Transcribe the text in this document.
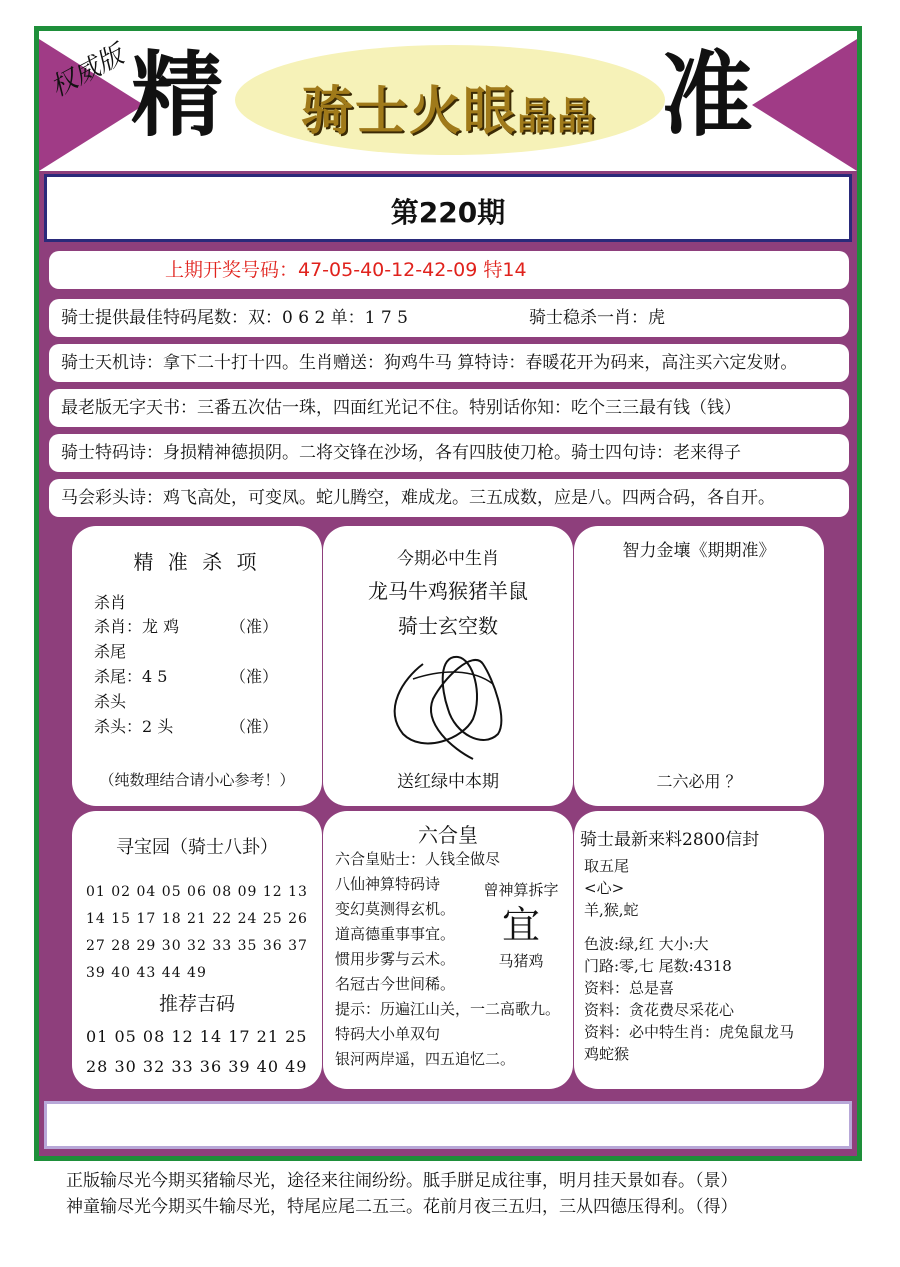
权威版 精	准
骑士火眼晶晶
第220期
上期开奖号码：47-05-40-12-42-09 特14
骑士提供最佳特码尾数：双：0 6 2 单：1 7 5	骑士稳杀一肖：虎
骑士天机诗：拿下二十打十四。生肖赠送：狗鸡牛马 算特诗：春暖花开为码来，高注买六定发财。
最老版无字天书：三番五次估一珠，四面红光记不住。特别话你知：吃个三三最有钱（钱）
骑士特码诗：身损精神德损阴。二将交锋在沙场，各有四肢使刀枪。骑士四句诗：老来得子
马会彩头诗：鸡飞高处，可变凤。蛇儿腾空，难成龙。三五成数，应是八。四两合码，各自开。
精 准 杀 项
杀肖
杀肖：龙 鸡	（准）
杀尾
杀尾：4 5	（准）
杀头
杀头：2 头	（准）
（纯数理结合请小心参考！）
今期必中生肖
龙马牛鸡猴猪羊鼠
骑士玄空数
送红绿中本期
智力金壤《期期准》
二六必用 ？
寻宝园（骑士八卦）
01 02 04 05 06 08 09 12 13
14 15 17 18 21 22 24 25 26
27 28 29 30 32 33 35 36 37
39 40 43 44 49
推荐吉码
01 05 08 12 14 17 21 25
28 30 32 33 36 39 40 49
六合皇
六合皇贴士：人钱全做尽
八仙神算特码诗
变幻莫测得玄机。
道高德重事事宜。
惯用步雾与云术。
名冠古今世间稀。
提示：历遍江山关，一二高歌九。
特码大小单双句
银河两岸遥，四五追忆二。
曾神算拆字
宜
马猪鸡
骑士最新来料2800信封
取五尾
<心>
羊,猴,蛇
色波:绿,红 大小:大
门路:零,七 尾数:4318
资料：总是喜
资料：贪花费尽采花心
资料：必中特生肖：虎兔鼠龙马
鸡蛇猴
正版输尽光今期买猪输尽光，途径来往闹纷纷。胝手胼足成往事，明月挂天景如春。（景）
神童输尽光今期买牛输尽光，特尾应尾二五三。花前月夜三五归，三从四德压得利。（得）
